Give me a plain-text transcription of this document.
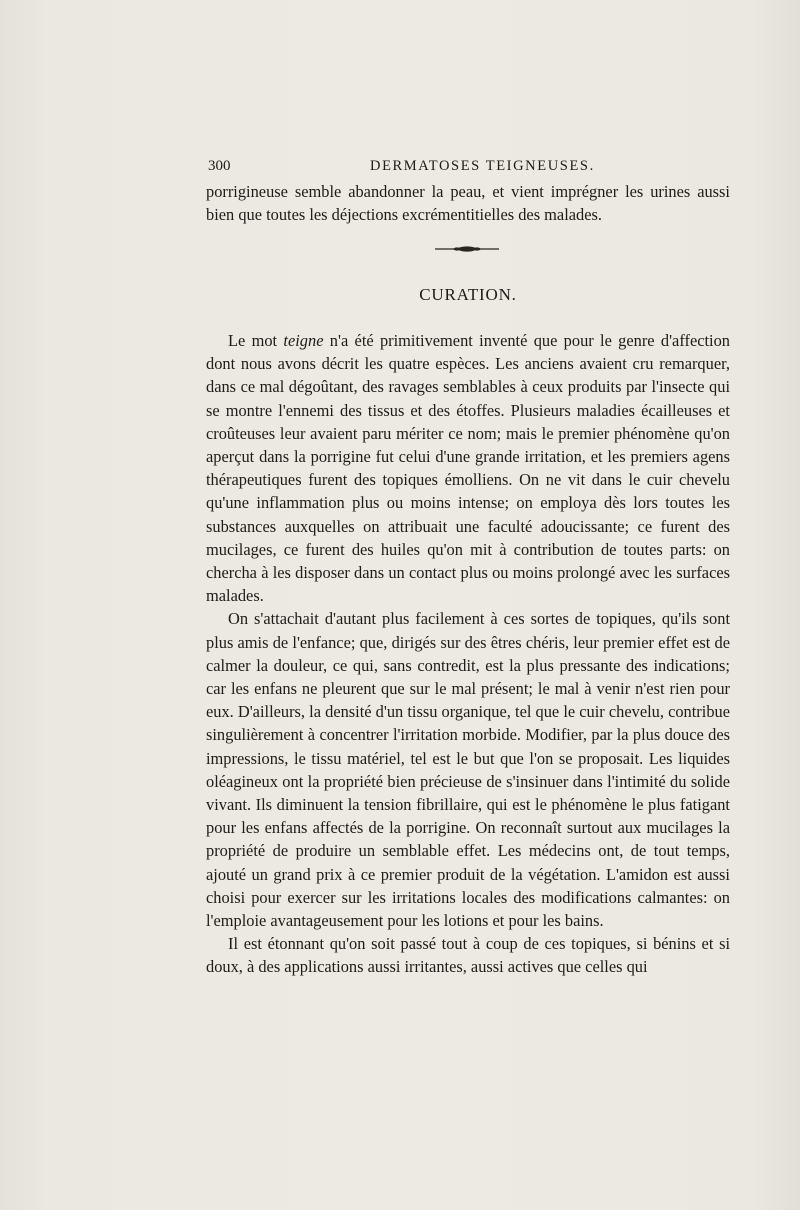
300	DERMATOSES TEIGNEUSES.
porrigineuse semble abandonner la peau, et vient imprégner les urines aussi bien que toutes les déjections excrémentitielles des malades.
CURATION.

Le mot teigne n'a été primitivement inventé que pour le genre d'affection dont nous avons décrit les quatre espèces. Les anciens avaient cru remarquer, dans ce mal dégoûtant, des ravages semblables à ceux produits par l'insecte qui se montre l'ennemi des tissus et des étoffes. Plusieurs maladies écailleuses et croûteuses leur avaient paru mériter ce nom; mais le premier phénomène qu'on aperçut dans la porrigine fut celui d'une grande irritation, et les premiers agens thérapeutiques furent des topiques émolliens. On ne vit dans le cuir chevelu qu'une inflammation plus ou moins intense; on employa dès lors toutes les substances auxquelles on attribuait une faculté adoucissante; ce furent des mucilages, ce furent des huiles qu'on mit à contribution de toutes parts: on chercha à les disposer dans un contact plus ou moins prolongé avec les surfaces malades.

On s'attachait d'autant plus facilement à ces sortes de topiques, qu'ils sont plus amis de l'enfance; que, dirigés sur des êtres chéris, leur premier effet est de calmer la douleur, ce qui, sans contredit, est la plus pressante des indications; car les enfans ne pleurent que sur le mal présent; le mal à venir n'est rien pour eux. D'ailleurs, la densité d'un tissu organique, tel que le cuir chevelu, contribue singulièrement à concentrer l'irritation morbide. Modifier, par la plus douce des impressions, le tissu matériel, tel est le but que l'on se proposait. Les liquides oléagineux ont la propriété bien précieuse de s'insinuer dans l'intimité du solide vivant. Ils diminuent la tension fibrillaire, qui est le phénomène le plus fatigant pour les enfans affectés de la porrigine. On reconnaît surtout aux mucilages la propriété de produire un semblable effet. Les médecins ont, de tout temps, ajouté un grand prix à ce premier produit de la végétation. L'amidon est aussi choisi pour exercer sur les irritations locales des modifications calmantes: on l'emploie avantageusement pour les lotions et pour les bains.

Il est étonnant qu'on soit passé tout à coup de ces topiques, si bénins et si doux, à des applications aussi irritantes, aussi actives que celles qui
